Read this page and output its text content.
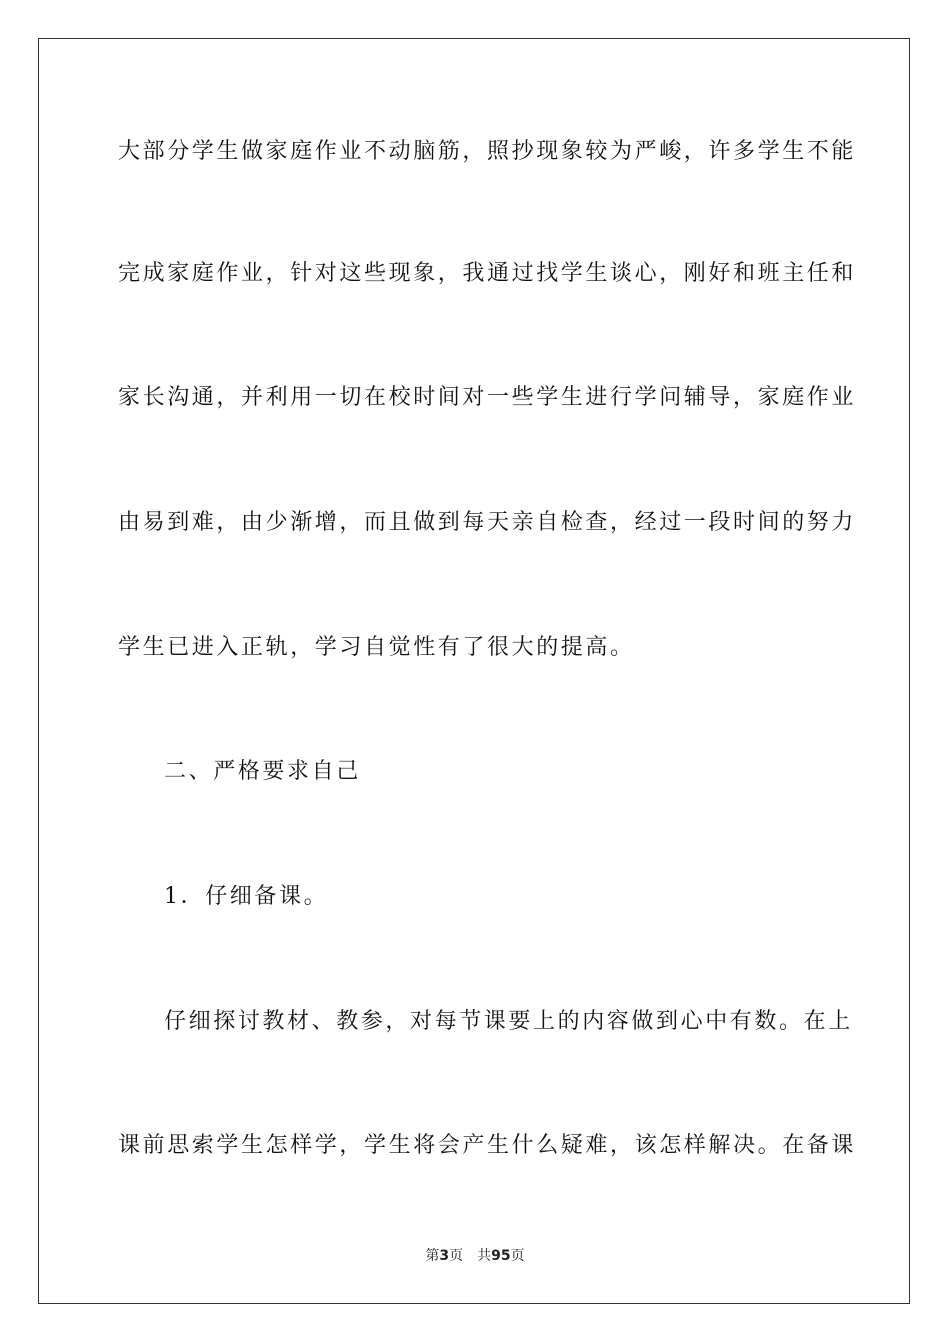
大部分学生做家庭作业不动脑筋，照抄现象较为严峻，许多学生不能
完成家庭作业，针对这些现象，我通过找学生谈心，刚好和班主任和
家长沟通，并利用一切在校时间对一些学生进行学问辅导，家庭作业
由易到难，由少渐增，而且做到每天亲自检查，经过一段时间的努力
学生已进入正轨，学习自觉性有了很大的提高。
二、严格要求自己
1．仔细备课。
仔细探讨教材、教参，对每节课要上的内容做到心中有数。在上
课前思索学生怎样学，学生将会产生什么疑难，该怎样解决。在备课
第3页 共95页
